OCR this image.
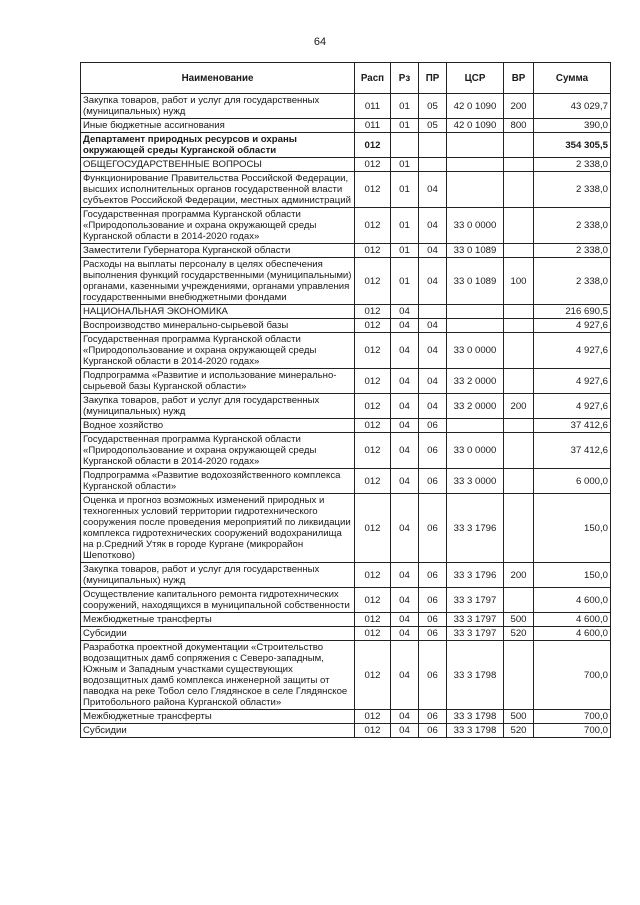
64
Наименование	Расп	Рз	ПР	ЦСР	ВР	Сумма
Закупка товаров, работ и услуг для государственных (муниципальных) нужд	011	01	05	42 0 1090	200	43 029,7
Иные бюджетные ассигнования	011	01	05	42 0 1090	800	390,0
Департамент природных ресурсов и охраны окружающей среды Курганской области	012					354 305,5
ОБЩЕГОСУДАРСТВЕННЫЕ ВОПРОСЫ	012	01				2 338,0
Функционирование Правительства Российской Федерации, высших исполнительных органов государственной власти субъектов Российской Федерации, местных администраций	012	01	04			2 338,0
Государственная программа Курганской области «Природопользование и охрана окружающей среды Курганской области в 2014-2020 годах»	012	01	04	33 0 0000		2 338,0
Заместители Губернатора Курганской области	012	01	04	33 0 1089		2 338,0
Расходы на выплаты персоналу в целях обеспечения выполнения функций государственными (муниципальными) органами, казенными учреждениями, органами управления государственными внебюджетными фондами	012	01	04	33 0 1089	100	2 338,0
НАЦИОНАЛЬНАЯ ЭКОНОМИКА	012	04				216 690,5
Воспроизводство минерально-сырьевой базы	012	04	04			4 927,6
Государственная программа Курганской области «Природопользование и охрана окружающей среды Курганской области в 2014-2020 годах»	012	04	04	33 0 0000		4 927,6
Подпрограмма «Развитие и использование минерально-сырьевой базы Курганской области»	012	04	04	33 2 0000		4 927,6
Закупка товаров, работ и услуг для государственных (муниципальных) нужд	012	04	04	33 2 0000	200	4 927,6
Водное хозяйство	012	04	06			37 412,6
Государственная программа Курганской области «Природопользование и охрана окружающей среды Курганской области в 2014-2020 годах»	012	04	06	33 0 0000		37 412,6
Подпрограмма «Развитие водохозяйственного комплекса Курганской области»	012	04	06	33 3 0000		6 000,0
Оценка и прогноз возможных изменений природных и техногенных условий территории гидротехнического сооружения после проведения мероприятий по ликвидации комплекса гидротехнических сооружений водохранилища на р.Средний Утяк в городе Кургане (микрорайон Шепотково)	012	04	06	33 3 1796		150,0
Закупка товаров, работ и услуг для государственных (муниципальных) нужд	012	04	06	33 3 1796	200	150,0
Осуществление капитального ремонта гидротехнических сооружений, находящихся в муниципальной собственности	012	04	06	33 3 1797		4 600,0
Межбюджетные трансферты	012	04	06	33 3 1797	500	4 600,0
Субсидии	012	04	06	33 3 1797	520	4 600,0
Разработка проектной документации «Строительство водозащитных дамб сопряжения с Северо-западным, Южным и Западным участками существующих водозащитных дамб комплекса инженерной защиты от паводка на реке Тобол село Глядянское в селе Глядянское Притобольного района Курганской области»	012	04	06	33 3 1798		700,0
Межбюджетные трансферты	012	04	06	33 3 1798	500	700,0
Субсидии	012	04	06	33 3 1798	520	700,0
